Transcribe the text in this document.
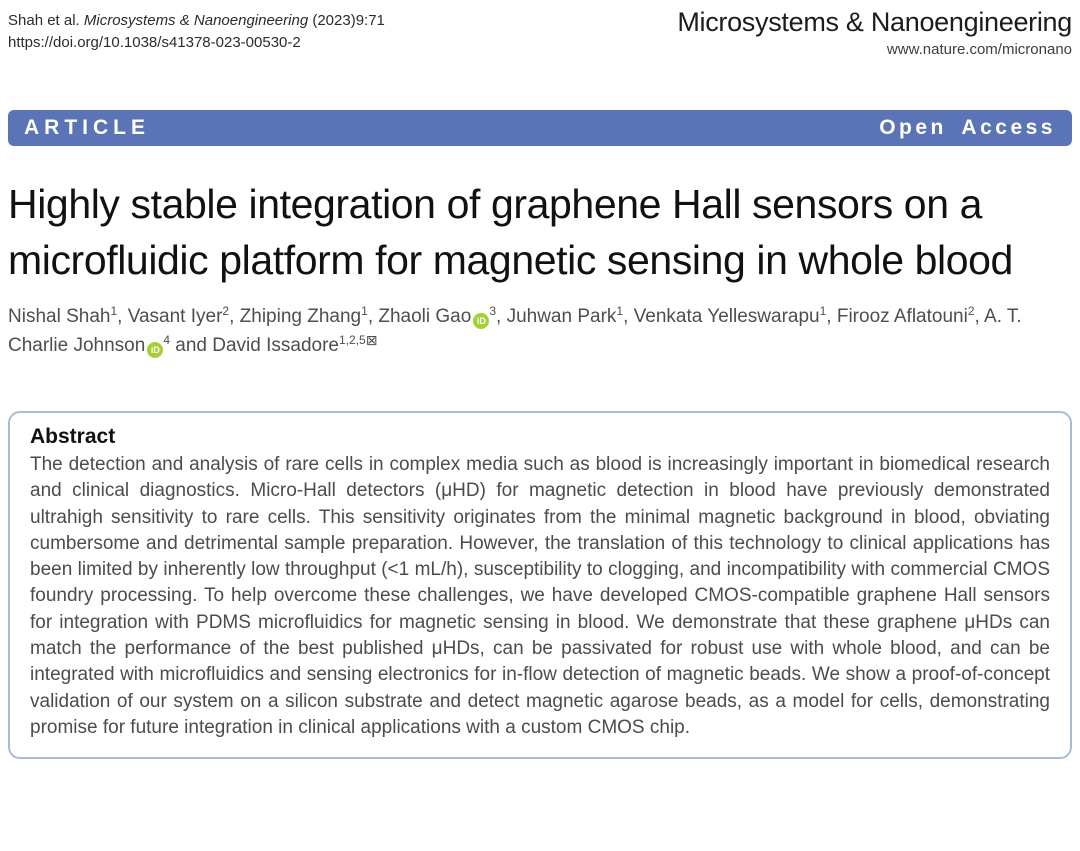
Shah et al. Microsystems & Nanoengineering (2023)9:71
https://doi.org/10.1038/s41378-023-00530-2
Microsystems & Nanoengineering
www.nature.com/micronano
ARTICLE	Open Access
Highly stable integration of graphene Hall sensors on a microfluidic platform for magnetic sensing in whole blood
Nishal Shah$^1$, Vasant Iyer$^2$, Zhiping Zhang$^1$, Zhaoli Gao $iD^3$, Juhwan Park$^1$, Venkata Yelleswarapu$^1$, Firooz Aflatouni$^2$, A. T. Charlie Johnson $iD^4$ and David Issadore$^{1,2,5⊠}$
Abstract
The detection and analysis of rare cells in complex media such as blood is increasingly important in biomedical research and clinical diagnostics. Micro-Hall detectors (μHD) for magnetic detection in blood have previously demonstrated ultrahigh sensitivity to rare cells. This sensitivity originates from the minimal magnetic background in blood, obviating cumbersome and detrimental sample preparation. However, the translation of this technology to clinical applications has been limited by inherently low throughput (<1 mL/h), susceptibility to clogging, and incompatibility with commercial CMOS foundry processing. To help overcome these challenges, we have developed CMOS-compatible graphene Hall sensors for integration with PDMS microfluidics for magnetic sensing in blood. We demonstrate that these graphene μHDs can match the performance of the best published μHDs, can be passivated for robust use with whole blood, and can be integrated with microfluidics and sensing electronics for in-flow detection of magnetic beads. We show a proof-of-concept validation of our system on a silicon substrate and detect magnetic agarose beads, as a model for cells, demonstrating promise for future integration in clinical applications with a custom CMOS chip.
